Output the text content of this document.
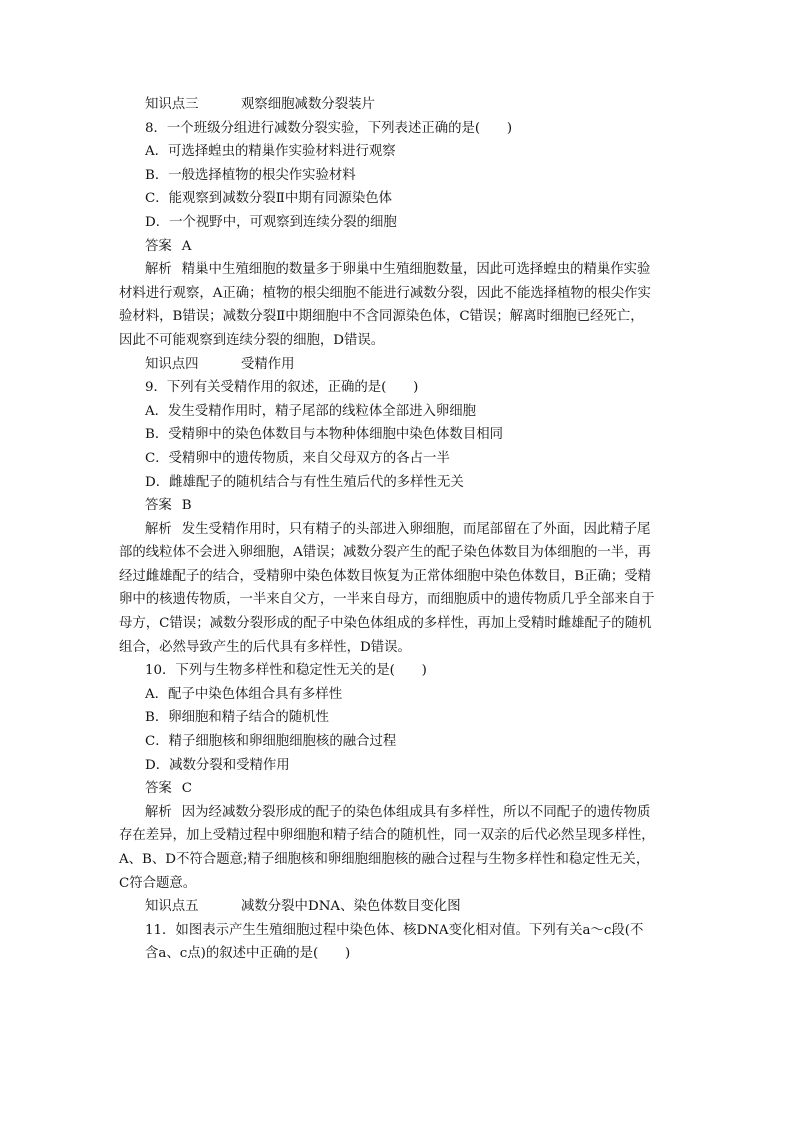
知识点三	观察细胞减数分裂装片
8．一个班级分组进行减数分裂实验，下列表述正确的是(　　)
A．可选择蝗虫的精巢作实验材料进行观察
B．一般选择植物的根尖作实验材料
C．能观察到减数分裂Ⅱ中期有同源染色体
D．一个视野中，可观察到连续分裂的细胞
答案 A
解析 精巢中生殖细胞的数量多于卵巢中生殖细胞数量，因此可选择蝗虫的精巢作实验材料进行观察，A正确；植物的根尖细胞不能进行减数分裂，因此不能选择植物的根尖作实验材料，B错误；减数分裂Ⅱ中期细胞中不含同源染色体，C错误；解离时细胞已经死亡，因此不可能观察到连续分裂的细胞，D错误。
知识点四	受精作用
9．下列有关受精作用的叙述，正确的是(　　)
A．发生受精作用时，精子尾部的线粒体全部进入卵细胞
B．受精卵中的染色体数目与本物种体细胞中染色体数目相同
C．受精卵中的遗传物质，来自父母双方的各占一半
D．雌雄配子的随机结合与有性生殖后代的多样性无关
答案 B
解析 发生受精作用时，只有精子的头部进入卵细胞，而尾部留在了外面，因此精子尾部的线粒体不会进入卵细胞，A错误；减数分裂产生的配子染色体数目为体细胞的一半，再经过雌雄配子的结合，受精卵中染色体数目恢复为正常体细胞中染色体数目，B正确；受精卵中的核遗传物质，一半来自父方，一半来自母方，而细胞质中的遗传物质几乎全部来自于母方，C错误；减数分裂形成的配子中染色体组成的多样性，再加上受精时雌雄配子的随机组合，必然导致产生的后代具有多样性，D错误。
10．下列与生物多样性和稳定性无关的是(　　)
A．配子中染色体组合具有多样性
B．卵细胞和精子结合的随机性
C．精子细胞核和卵细胞细胞核的融合过程
D．减数分裂和受精作用
答案 C
解析 因为经减数分裂形成的配子的染色体组成具有多样性，所以不同配子的遗传物质存在差异，加上受精过程中卵细胞和精子结合的随机性，同一双亲的后代必然呈现多样性，A、B、D不符合题意;精子细胞核和卵细胞细胞核的融合过程与生物多样性和稳定性无关，C符合题意。
知识点五	减数分裂中DNA、染色体数目变化图
11．如图表示产生生殖细胞过程中染色体、核DNA变化相对值。下列有关a～c段(不含a、c点)的叙述中正确的是(　　)
